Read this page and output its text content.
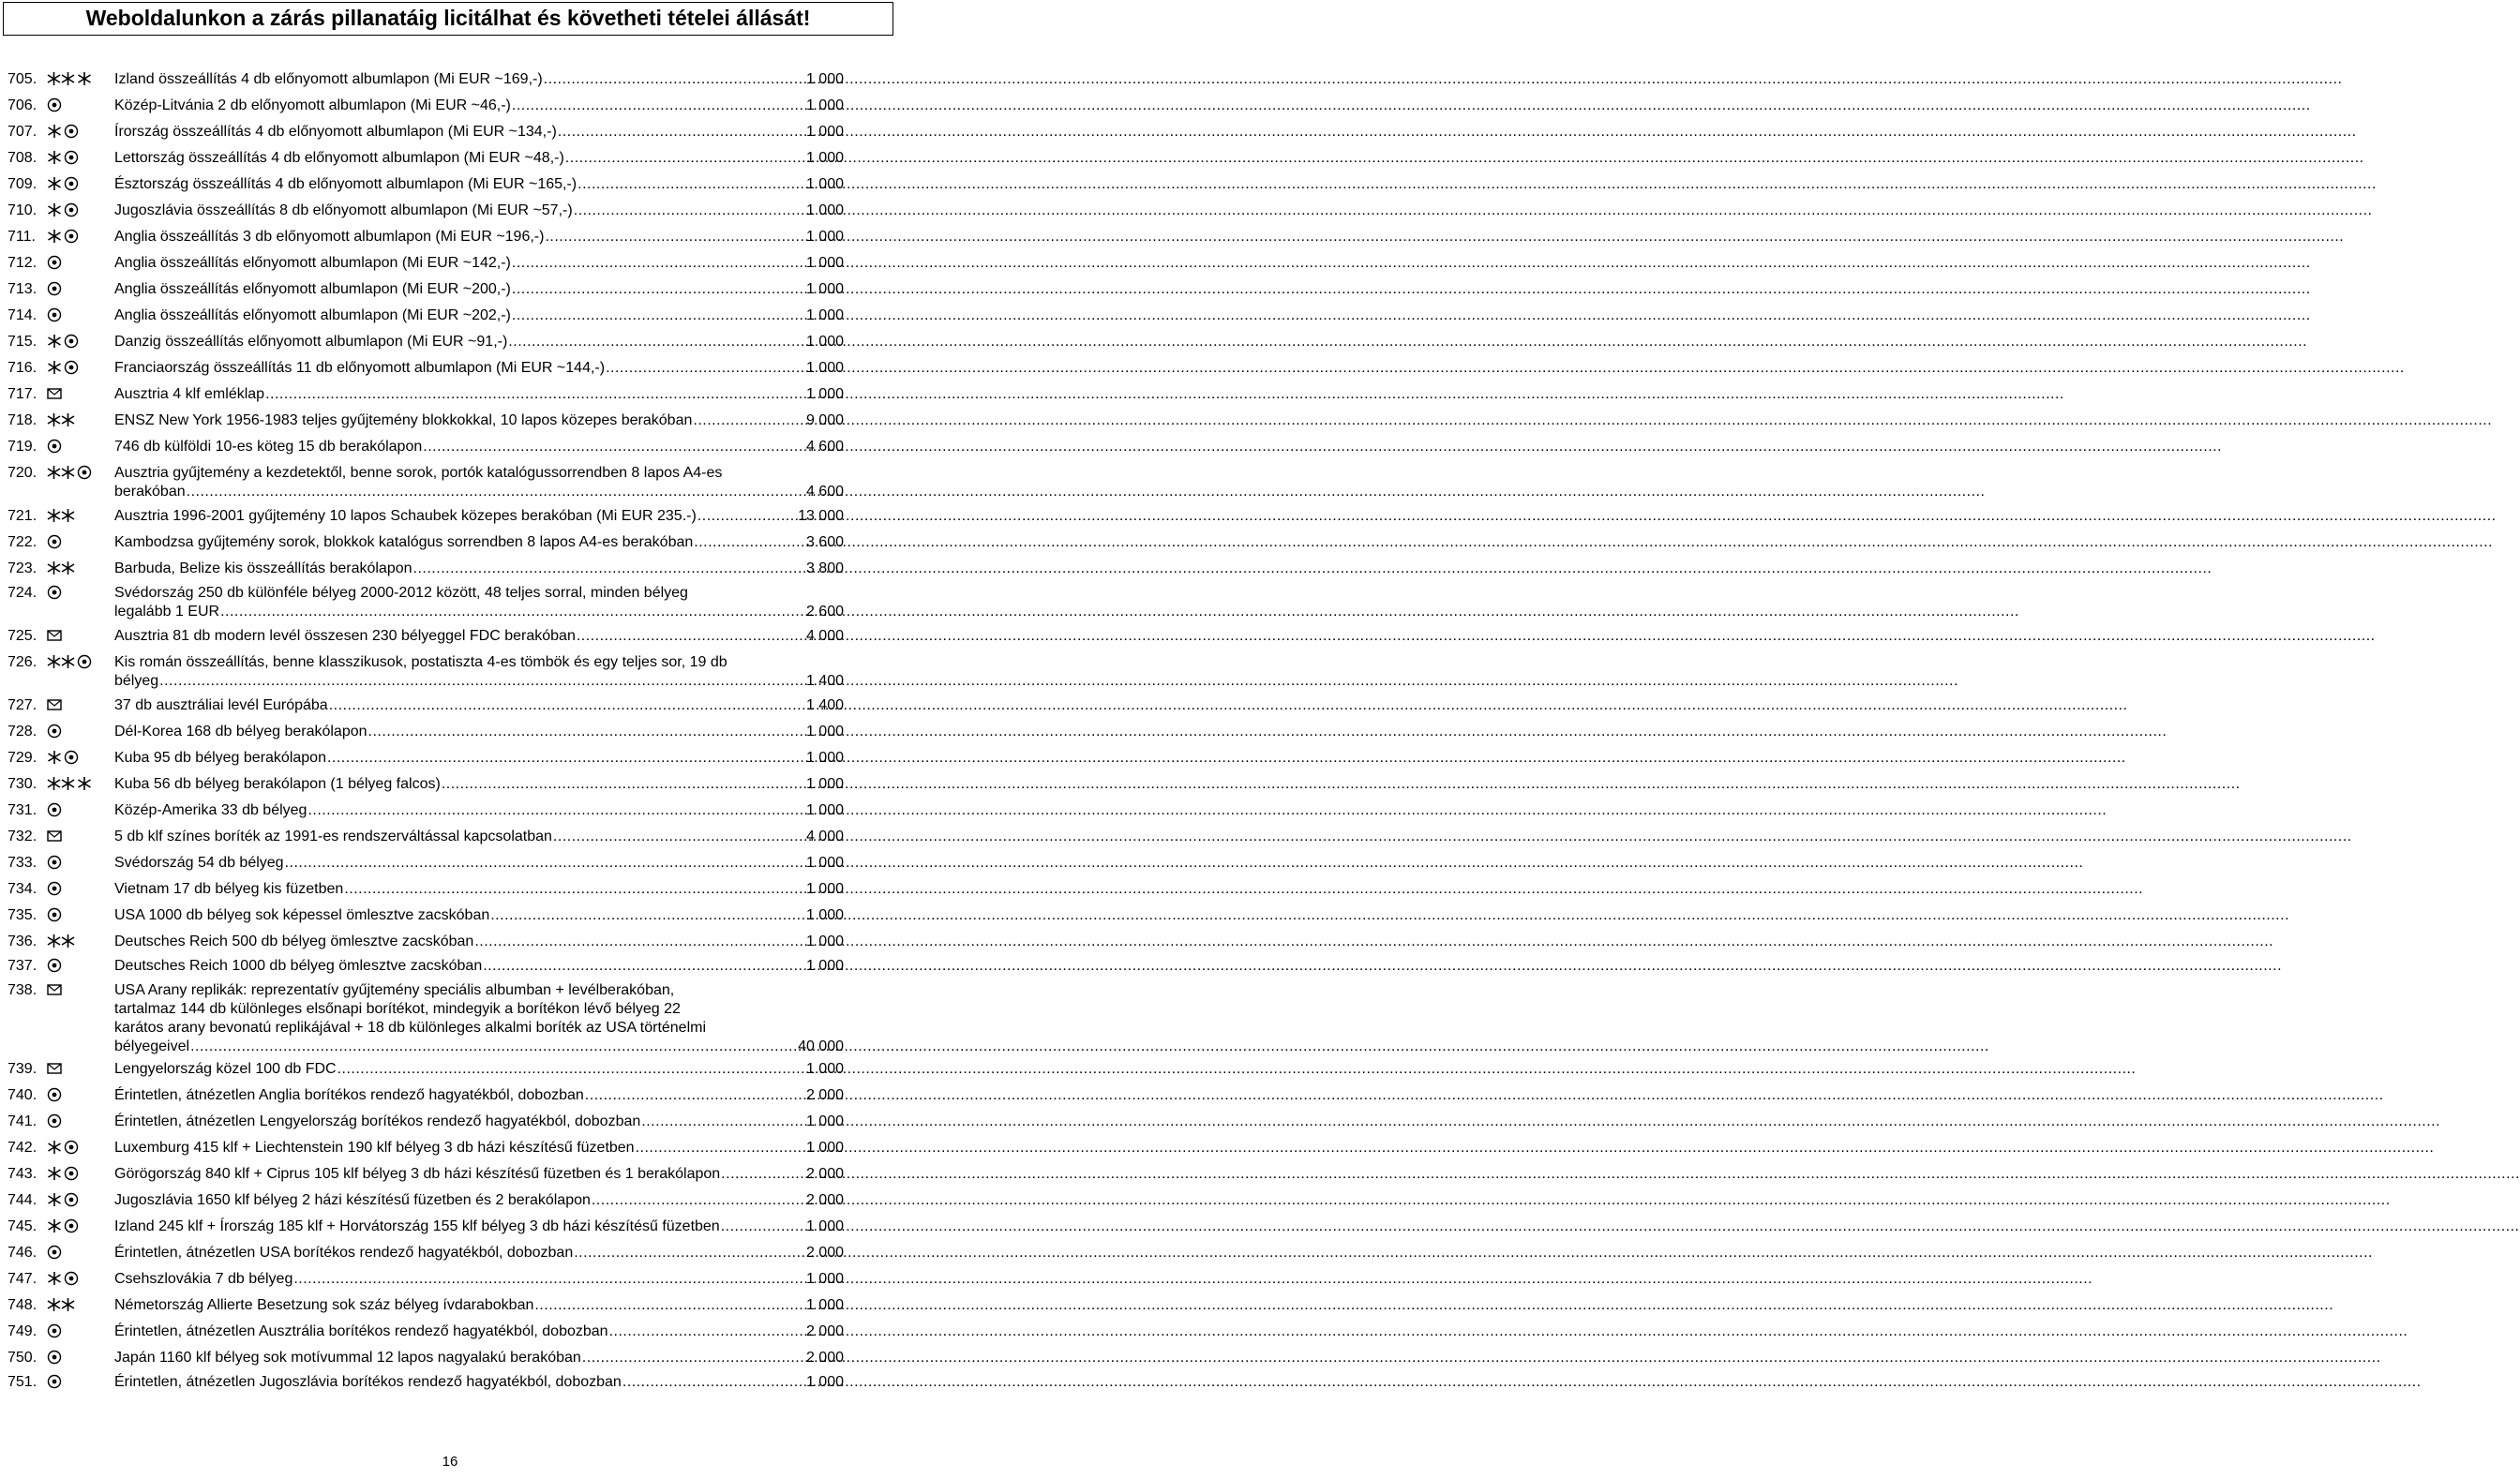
Weboldalunkon a zárás pillanatáig licitálhat és követheti tételei állását!
705.	Izland összeállítás 4 db előnyomott albumlapon (Mi EUR ~169,-) .....	1 000
706.	Közép-Litvánia 2 db előnyomott albumlapon (Mi EUR ~46,-) .....	1 000
707.	Írország összeállítás 4 db előnyomott albumlapon (Mi EUR ~134,-) .....	1 000
708.	Lettország összeállítás 4 db előnyomott albumlapon (Mi EUR ~48,-) .....	1 000
709.	Észtország összeállítás 4 db előnyomott albumlapon (Mi EUR ~165,-) .....	1 000
710.	Jugoszlávia összeállítás 8 db előnyomott albumlapon (Mi EUR ~57,-) .....	1 000
711.	Anglia összeállítás 3 db előnyomott albumlapon (Mi EUR ~196,-) .....	1 000
712.	Anglia összeállítás előnyomott albumlapon (Mi EUR ~142,-) .....	1 000
713.	Anglia összeállítás előnyomott albumlapon (Mi EUR ~200,-) .....	1 000
714.	Anglia összeállítás előnyomott albumlapon (Mi EUR ~202,-) .....	1 000
715.	Danzig összeállítás előnyomott albumlapon (Mi EUR ~91,-) .....	1 000
716.	Franciaország összeállítás 11 db előnyomott albumlapon (Mi EUR ~144,-) .....	1 000
717.	Ausztria 4 klf emléklap .....	1 000
718.	ENSZ New York 1956-1983 teljes gyűjtemény blokkokkal, 10 lapos közepes berakóban .....	9 000
719.	746 db külföldi 10-es köteg 15 db berakólapon .....	4 600
720.	Ausztria gyűjtemény a kezdetektől, benne sorok, portók katalógussorrendben 8 lapos A4-es
berakóban .....	4 600
721.	Ausztria 1996-2001 gyűjtemény 10 lapos Schaubek közepes berakóban (Mi EUR 235.-) .....	13 000
722.	Kambodzsa gyűjtemény sorok, blokkok katalógus sorrendben 8 lapos A4-es berakóban .....	3 600
723.	Barbuda, Belize kis összeállítás berakólapon .....	3 800
724.	Svédország 250 db különféle bélyeg 2000-2012 között, 48 teljes sorral, minden bélyeg
legalább 1 EUR .....	2 600
725.	Ausztria 81 db modern levél összesen 230 bélyeggel FDC berakóban .....	4 000
726.	Kis román összeállítás, benne klasszikusok, postatiszta 4-es tömbök és egy teljes sor, 19 db
bélyeg .....	1 400
727.	37 db ausztráliai levél Európába .....	1 400
728.	Dél-Korea 168 db bélyeg berakólapon .....	1 000
729.	Kuba 95 db bélyeg berakólapon .....	1 000
730.	Kuba 56 db bélyeg berakólapon (1 bélyeg falcos) .....	1 000
731.	Közép-Amerika 33 db bélyeg .....	1 000
732.	5 db klf színes boríték az 1991-es rendszerváltással kapcsolatban .....	4 000
733.	Svédország 54 db bélyeg .....	1 000
734.	Vietnam 17 db bélyeg kis füzetben .....	1 000
735.	USA 1000 db bélyeg sok képessel ömlesztve zacskóban .....	1 000
736.	Deutsches Reich 500 db bélyeg ömlesztve zacskóban .....	1 000
737.	Deutsches Reich 1000 db bélyeg ömlesztve zacskóban .....	1 000
738.	USA Arany replikák: reprezentatív gyűjtemény speciális albumban + levélberakóban,
tartalmaz 144 db különleges elsőnapi borítékot, mindegyik a borítékon lévő bélyeg 22
karátos arany bevonatú replikájával + 18 db különleges alkalmi boríték az USA történelmi
bélyegeivel .....	40 000
739.	Lengyelország közel 100 db FDC .....	1 000
740.	Érintetlen, átnézetlen Anglia borítékos rendező hagyatékból, dobozban .....	2 000
741.	Érintetlen, átnézetlen Lengyelország borítékos rendező hagyatékból, dobozban .....	1 000
742.	Luxemburg 415 klf + Liechtenstein 190 klf bélyeg 3 db házi készítésű füzetben .....	1 000
743.	Görögország 840 klf + Ciprus 105 klf bélyeg 3 db házi készítésű füzetben és 1 berakólapon .....	2 000
744.	Jugoszlávia 1650 klf bélyeg 2 házi készítésű füzetben és 2 berakólapon .....	2 000
745.	Izland 245 klf + Írország 185 klf + Horvátország 155 klf bélyeg 3 db házi készítésű füzetben .....	1 000
746.	Érintetlen, átnézetlen USA borítékos rendező hagyatékból, dobozban .....	2 000
747.	Csehszlovákia 7 db bélyeg .....	1 000
748.	Németország Allierte Besetzung sok száz bélyeg ívdarabokban .....	1 000
749.	Érintetlen, átnézetlen Ausztrália borítékos rendező hagyatékból, dobozban .....	2 000
750.	Japán 1160 klf bélyeg sok motívummal 12 lapos nagyalakú berakóban .....	2 000
751.	Érintetlen, átnézetlen Jugoszlávia borítékos rendező hagyatékból, dobozban .....	1 000
16
